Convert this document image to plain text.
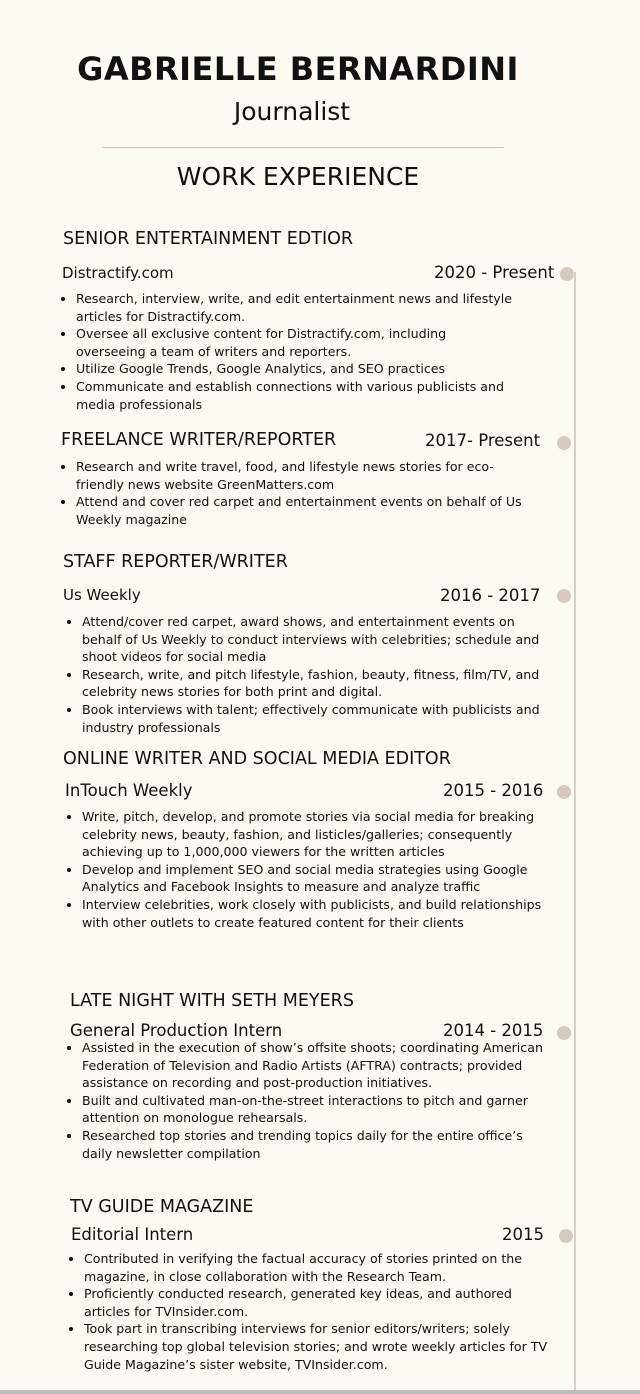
GABRIELLE BERNARDINI
Journalist
WORK EXPERIENCE
SENIOR ENTERTAINMENT EDTIOR
Distractify.com	2020 - Present
• Research, interview, write, and edit entertainment news and lifestyle articles for Distractify.com.
• Oversee all exclusive content for Distractify.com, including overseeing a team of writers and reporters.
• Utilize Google Trends, Google Analytics, and SEO practices
• Communicate and establish connections with various publicists and media professionals
FREELANCE WRITER/REPORTER	2017- Present
• Research and write travel, food, and lifestyle news stories for eco-friendly news website GreenMatters.com
• Attend and cover red carpet and entertainment events on behalf of Us Weekly magazine
STAFF REPORTER/WRITER
Us Weekly	2016 - 2017
• Attend/cover red carpet, award shows, and entertainment events on behalf of Us Weekly to conduct interviews with celebrities; schedule and shoot videos for social media
• Research, write, and pitch lifestyle, fashion, beauty, fitness, film/TV, and celebrity news stories for both print and digital.
• Book interviews with talent; effectively communicate with publicists and industry professionals
ONLINE WRITER AND SOCIAL MEDIA EDITOR
InTouch Weekly	2015 - 2016
• Write, pitch, develop, and promote stories via social media for breaking celebrity news, beauty, fashion, and listicles/galleries; consequently achieving up to 1,000,000 viewers for the written articles
• Develop and implement SEO and social media strategies using Google Analytics and Facebook Insights to measure and analyze traffic
• Interview celebrities, work closely with publicists, and build relationships with other outlets to create featured content for their clients
LATE NIGHT WITH SETH MEYERS
General Production Intern	2014 - 2015
• Assisted in the execution of show’s offsite shoots; coordinating American Federation of Television and Radio Artists (AFTRA) contracts; provided assistance on recording and post-production initiatives.
• Built and cultivated man-on-the-street interactions to pitch and garner attention on monologue rehearsals.
• Researched top stories and trending topics daily for the entire office’s daily newsletter compilation
TV GUIDE MAGAZINE
Editorial Intern	2015
• Contributed in verifying the factual accuracy of stories printed on the magazine, in close collaboration with the Research Team.
• Proficiently conducted research, generated key ideas, and authored articles for TVInsider.com.
• Took part in transcribing interviews for senior editors/writers; solely researching top global television stories; and wrote weekly articles for TV Guide Magazine’s sister website, TVInsider.com.
